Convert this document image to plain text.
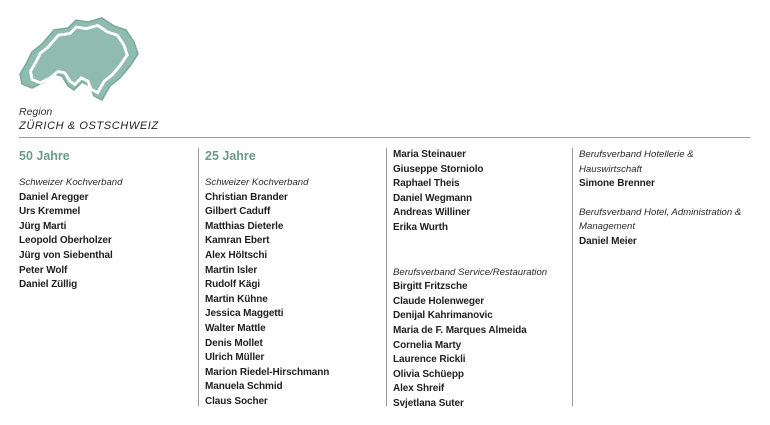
Region
ZÜRICH & OSTSCHWEIZ
50 Jahre
Schweizer Kochverband
Daniel Aregger
Urs Kremmel
Jürg Marti
Leopold Oberholzer
Jürg von Siebenthal
Peter Wolf
Daniel Züllig
25 Jahre
Schweizer Kochverband
Christian Brander
Gilbert Caduff
Matthias Dieterle
Kamran Ebert
Alex Höltschi
Martin Isler
Rudolf Kägi
Martin Kühne
Jessica Maggetti
Walter Mattle
Denis Mollet
Ulrich Müller
Marion Riedel-Hirschmann
Manuela Schmid
Claus Socher
Maria Steinauer
Giuseppe Storniolo
Raphael Theis
Daniel Wegmann
Andreas Williner
Erika Wurth
Berufsverband Service/Restauration
Birgitt Fritzsche
Claude Holenweger
Denijal Kahrimanovic
Maria de F. Marques Almeida
Cornelia Marty
Laurence Rickli
Olivia Schüepp
Alex Shreif
Svjetlana Suter
Berufsverband Hotellerie & Hauswirtschaft
Simone Brenner
Berufsverband Hotel, Administration & Management
Daniel Meier
